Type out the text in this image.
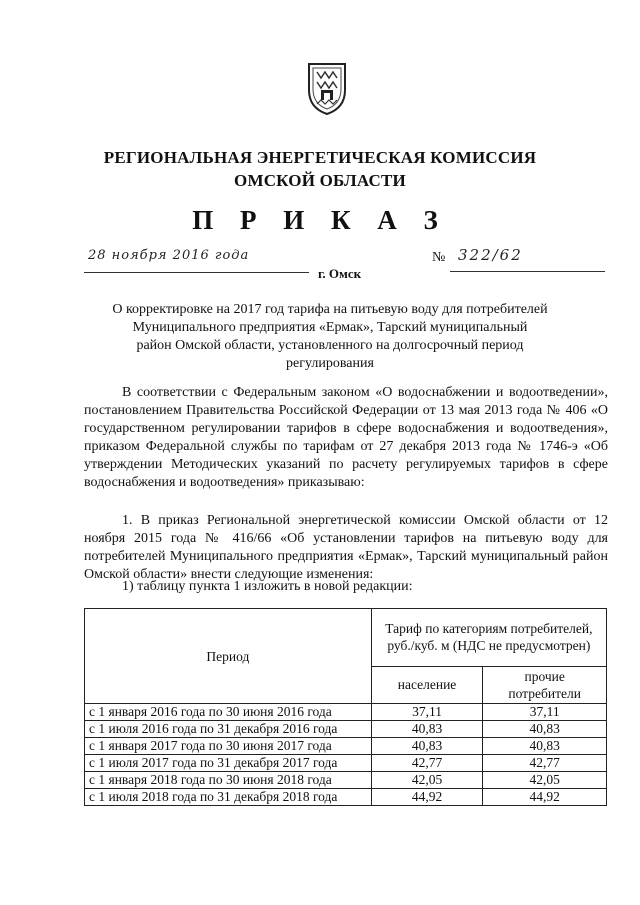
РЕГИОНАЛЬНАЯ ЭНЕРГЕТИЧЕСКАЯ КОМИССИЯ
ОМСКОЙ ОБЛАСТИ
П Р И К А З
28 ноября 2016 года
г. Омск
№ 322/62
О корректировке на 2017 год тарифа на питьевую воду для потребителей
Муниципального предприятия «Ермак», Тарский муниципальный
район Омской области, установленного на долгосрочный период
регулирования
В соответствии с Федеральным законом «О водоснабжении и водоотведении», постановлением Правительства Российской Федерации от 13 мая 2013 года № 406 «О государственном регулировании тарифов в сфере водоснабжения и водоотведения», приказом Федеральной службы по тарифам от 27 декабря 2013 года № 1746-э «Об утверждении Методических указаний по расчету регулируемых тарифов в сфере водоснабжения и водоотведения» приказываю:
1. В приказ Региональной энергетической комиссии Омской области от 12 ноября 2015 года № 416/66 «Об установлении тарифов на питьевую воду для потребителей Муниципального предприятия «Ермак», Тарский муниципальный район Омской области» внести следующие изменения:
1) таблицу пункта 1 изложить в новой редакции:
Период	Тариф по категориям потребителей, руб./куб. м (НДС не предусмотрен)	
	население	прочие потребители
с 1 января 2016 года по 30 июня 2016 года	37,11	37,11
с 1 июля 2016 года по 31 декабря 2016 года	40,83	40,83
с 1 января 2017 года по 30 июня 2017 года	40,83	40,83
с 1 июля 2017 года по 31 декабря 2017 года	42,77	42,77
с 1 января 2018 года по 30 июня 2018 года	42,05	42,05
с 1 июля 2018 года по 31 декабря 2018 года	44,92	44,92
